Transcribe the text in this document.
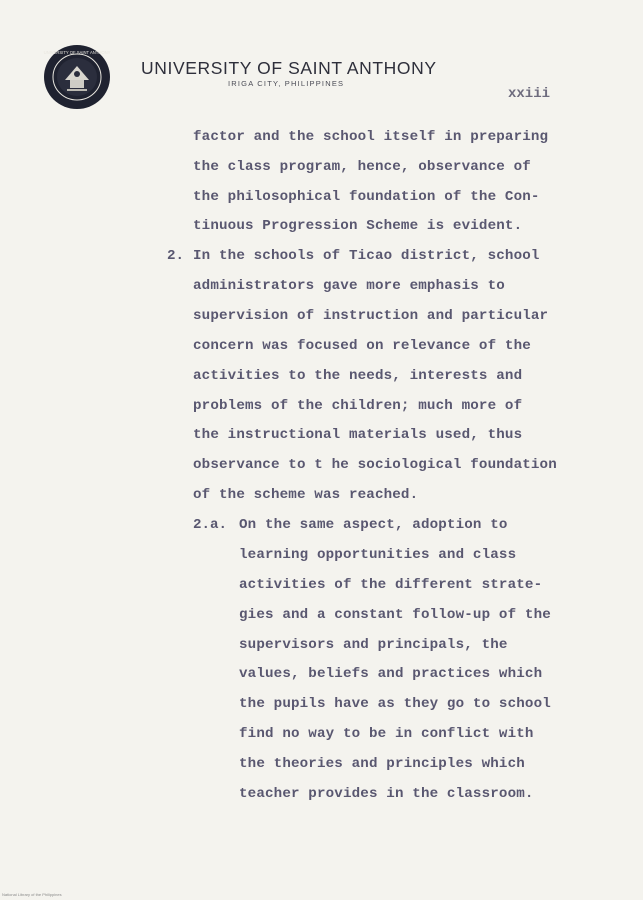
UNIVERSITY OF SAINT ANTHONY
UNIVERSITY OF SAINT ANTHONY
IRIGA CITY, PHILIPPINES
xxiii
factor and the school itself in preparing
the class program, hence, observance of
the philosophical foundation of the Con-
tinuous Progression Scheme is evident.
2. In the schools of Ticao district, school
administrators gave more emphasis to
supervision of instruction and particular
concern was focused on relevance of the
activities to the needs, interests and
problems of the children; much more of
the instructional materials used, thus
observance to t he sociological foundation
of the scheme was reached.
2.a. On the same aspect, adoption to
learning opportunities and class
activities of the different strate-
gies and a constant follow-up of the
supervisors and principals, the
values, beliefs and practices which
the pupils have as they go to school
find no way to be in conflict with
the theories and principles which
teacher provides in the classroom.
National Library of the Philippines
